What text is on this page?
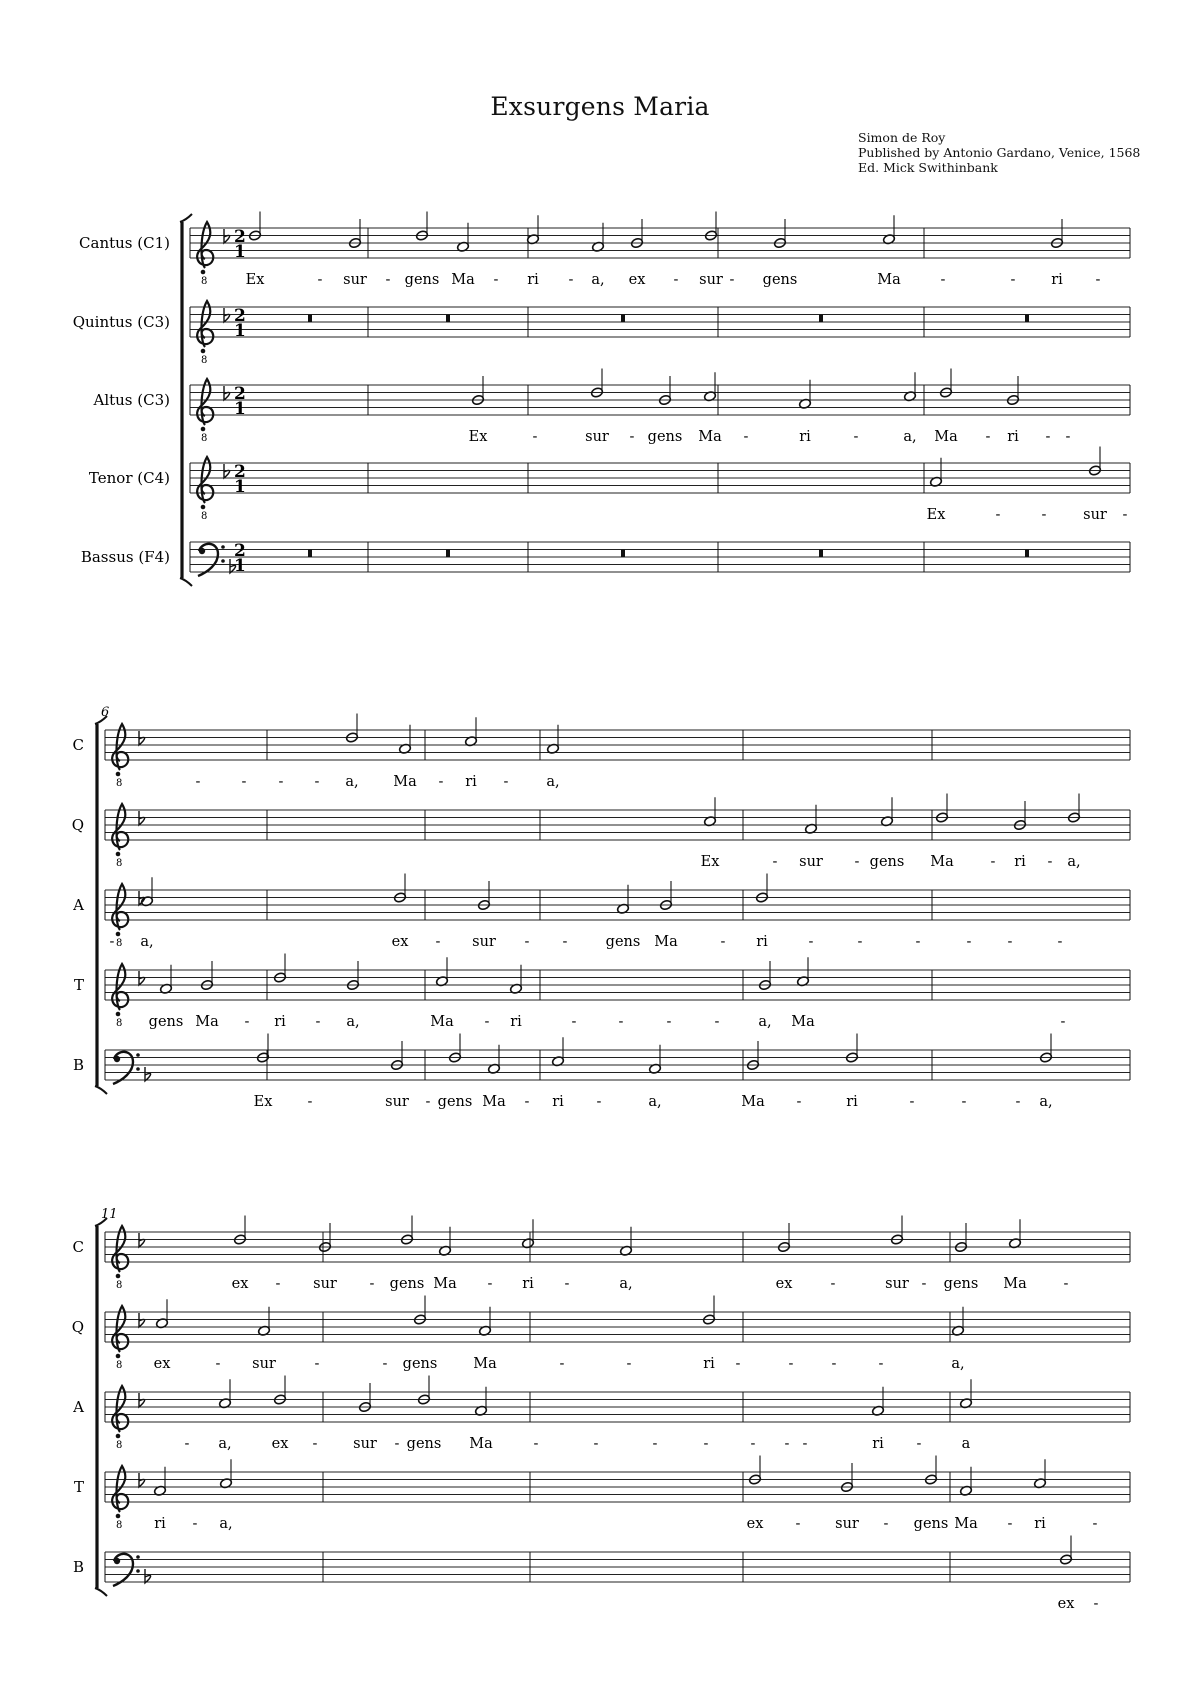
Exsurgens Maria
Simon de Roy
Published by Antonio Gardano, Venice, 1568
Ed. Mick Swithinbank
Cantus (C1)
8
2
1
Ex	- sur - gens Ma - ri - a, ex - sur - gens	Ma	-	- ri -
Quintus (C3)
8
2
1
Altus (C3)
8
2
1
Ex	-	sur - gens Ma -	ri	-	a, Ma - ri - -
Tenor (C4)
8
2
1
Ex	-	-	sur -
Bassus (F4)	2
1
6
C
8	-	- - - a, Ma - ri -	a,
Q
8	Ex	- sur - gens Ma	- ri - a,
A
8
- a,	ex - sur - -	gens Ma	- ri	-	-	-	- -	-
T
8 gens Ma - ri - a,	Ma - ri	-	-	-	-	a, Ma	-
B
Ex -	sur - gens Ma - ri -	a,	Ma -	ri	-	-	- a,
11
C
8	ex - sur - gens Ma - ri -	a,	ex	-	sur - gens Ma	-
Q
8 ex	- sur	-	- gens Ma	-	-	ri -	-	-	-	a,
A
8	- a,	ex - sur - gens Ma	-	-	-	-	- - -	ri -	a
T
8 ri - a,	ex - sur - gens Ma - ri	-
B
ex -
